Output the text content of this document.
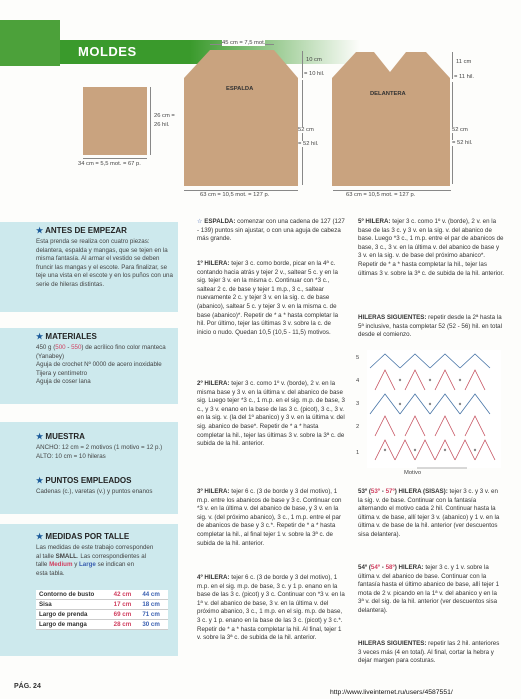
MOLDES
26 cm =
26 hil.
34 cm = 5,5 mot. = 67 p.
45 cm = 7,5 mot.
ESPALDA
10 cm
= 10 hil.
52 cm
= 52 hil.
63 cm = 10,5 mot. = 127 p.
DELANTERA
11 cm
= 11 hil.
52 cm
= 52 hil.
63 cm = 10,5 mot. = 127 p.
★ ANTES DE EMPEZAR
Esta prenda se realiza con cuatro piezas: delantera, espalda y mangas, que se tejen en la misma fantasía. Al armar el vestido se deben fruncir las mangas y el escote. Para finalizar, se teje una vista en el escote y en los puños con una serie de hileras distintas.
★ MATERIALES
450 g (500 - 550) de acrílico fino color manteca (Yanabey)
Aguja de crochet Nº 0000 de acero inoxidable
Tijera y centímetro
Aguja de coser lana
★ MUESTRA
ANCHO: 12 cm = 2 motivos (1 motivo = 12 p.)
ALTO: 10 cm = 10 hileras
★ PUNTOS EMPLEADOS
Cadenas (c.), varetas (v.) y puntos enanos
★ MEDIDAS POR TALLE
Las medidas de este trabajo corresponden
al talle SMALL. Las correspondientes al
talle Medium y Large se indican en
esta tabla.
Contorno de busto	42 cm	44 cm
Sisa	17 cm	18 cm
Largo de prenda	69 cm	71 cm
Largo de manga	28 cm	30 cm
☆ ESPALDA: comenzar con una cadena de 127 (127 - 139) puntos sin ajustar, o con una aguja de cabeza más grande.
1º HILERA: tejer 3 c. como borde, picar en la 4ª c. contando hacia atrás y tejer 2 v., saltear 5 c. y en la sig. tejer 3 v. en la misma c. Continuar con *3 c., saltear 2 c. de base y tejer 1 m.p., 3 c., saltear nuevamente 2 c. y tejer 3 v. en la sig. c. de base (abanico), saltear 5 c. y tejer 3 v. en la misma c. de base (abanico)*. Repetir de * a * hasta completar la hil. Por último, tejer las últimas 3 v. sobre la c. de inicio o nudo. Quedan 10,5 (10,5 - 11,5) motivos.
2º HILERA: tejer 3 c. como 1º v. (borde), 2 v. en la misma base y 3 v. en la última v. del abanico de base sig. Luego tejer *3 c., 1 m.p. en el sig. m.p. de base, 3 c., y 3 v. enano en la base de las 3 c. (picot), 3 c., 3 v. en la sig. v. (la del 1º abanico) y 3 v. en la última v. del sig. abanico de base*. Repetir de * a * hasta completar la hil., tejer las últimas 3 v. sobre la 3ª c. de subida de la hil. anterior.
3º HILERA: tejer 6 c. (3 de borde y 3 del motivo), 1 m.p. entre los abanicos de base y 3 c. Continuar con *3 v. en la última v. del abanico de base, y 3 v. en la sig. v. (del próximo abanico), 3 c., 1 m.p. entre el par de abanicos de base y 3 c.*. Repetir de * a * hasta completar la hil., al final tejer 1 v. sobre la 3ª c. de subida de la hil. anterior.
4º HILERA: tejer 6 c. (3 de borde y 3 del motivo), 1 m.p. en el sig. m.p. de base, 3 c. y 1 p. enano en la base de las 3 c. (picot) y 3 c. Continuar con *3 v. en la 1ª v. del abanico de base, 3 v. en la última v. del próximo abanico, 3 c., 1 m.p. en el sig. m.p. de base, 3 c. y 1 p. enano en la base de las 3 c. (picot) y 3 c.*. Repetir de * a * hasta completar la hil. Al final, tejer 1 v. sobre la 3ª c. de subida de la hil. anterior.
5º HILERA: tejer 3 c. como 1º v. (borde), 2 v. en la base de las 3 c. y 3 v. en la sig. v. del abanico de base. Luego *3 c., 1 m.p. entre el par de abanicos de base, 3 c., 3 v. en la última v. del abanico de base y 3 v. en la sig. v. de base del próximo abanico*. Repetir de * a * hasta completar la hil., tejer las últimas 3 v. sobre la 3ª c. de subida de la hil. anterior.
HILERAS SIGUIENTES: repetir desde la 2ª hasta la 5ª inclusive, hasta completar 52 (52 - 56) hil. en total desde el comienzo.
5
4
3
2
1
Motivo
53º (53º - 57º) HILERA (SISAS): tejer 3 c. y 3 v. en la sig. v. de base. Continuar con la fantasía alternando el motivo cada 2 hil. Continuar hasta la última v. de base, allí tejer 3 v. (abanico) y 1 v. en la última v. de base de la hil. anterior (ver descuentos sisa delantera).
54º (54º - 58º) HILERA: tejer 3 c. y 1 v. sobre la última v. del abanico de base. Continuar con la fantasía hasta el último abanico de base, allí tejer 1 mota de 2 v. picando en la 1ª v. del abanico y en la 3ª v. del sig. de la hil. anterior (ver descuentos sisa delantera).
HILERAS SIGUIENTES: repetir las 2 hil. anteriores 3 veces más (4 en total). Al final, cortar la hebra y dejar margen para costuras.
PÁG. 24
http://www.liveinternet.ru/users/4587551/
